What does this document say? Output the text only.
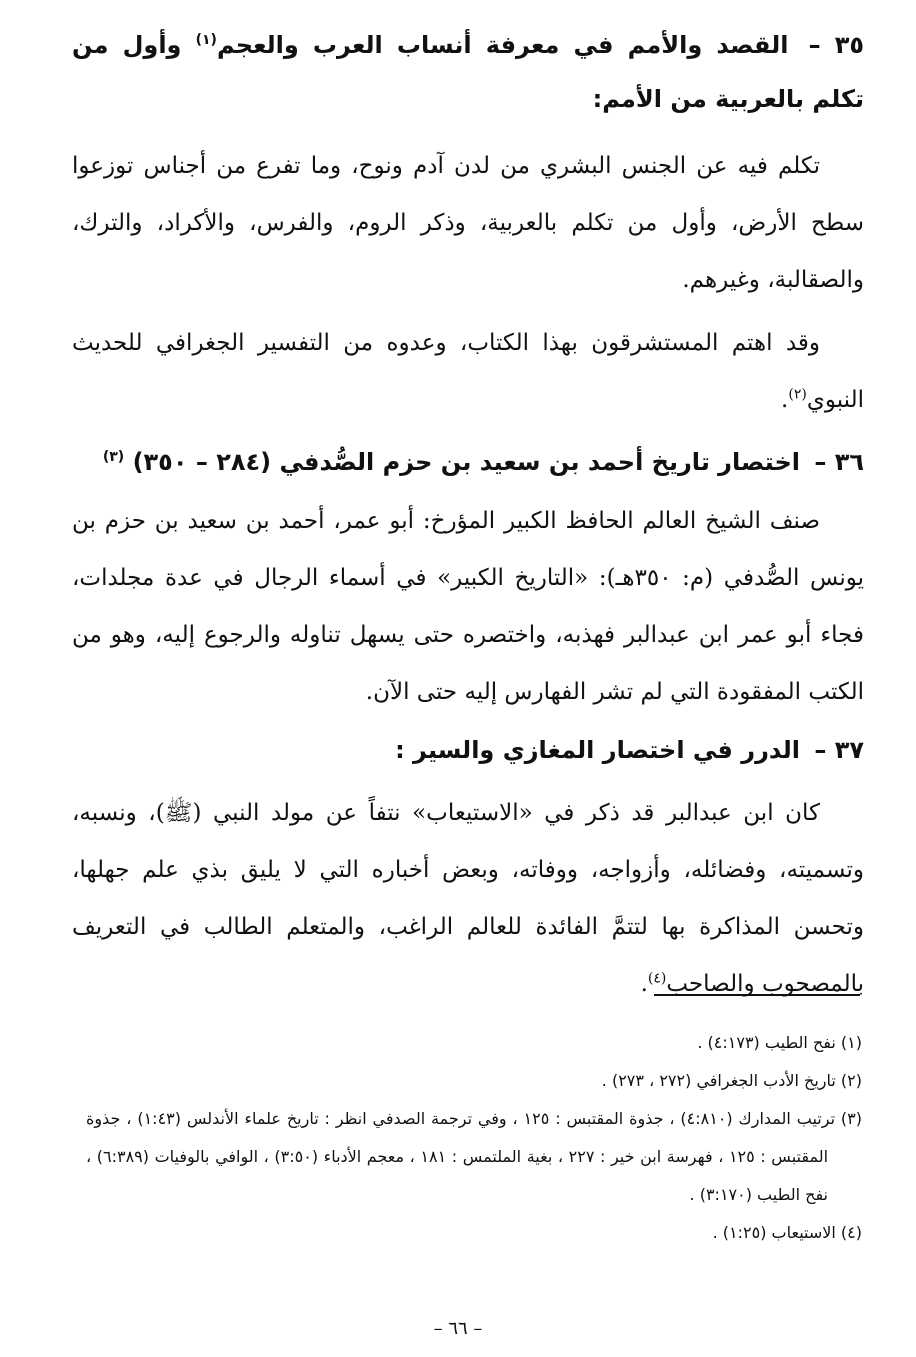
٣٥ – القصد والأمم في معرفة أنساب العرب والعجم$^{(١)}$ وأول من تكلم بالعربية من الأمم:

تكلم فيه عن الجنس البشري من لدن آدم ونوح، وما تفرع من أجناس توزعوا سطح الأرض، وأول من تكلم بالعربية، وذكر الروم، والفرس، والأكراد، والترك، والصقالبة، وغيرهم.

وقد اهتم المستشرقون بهذا الكتاب، وعدوه من التفسير الجغرافي للحديث النبوي$^{(٢)}$.

٣٦ – اختصار تاريخ أحمد بن سعيد بن حزم الصُّدفي (٢٨٤ – ٣٥٠) $^{(٣)}$

صنف الشيخ العالم الحافظ الكبير المؤرخ: أبو عمر، أحمد بن سعيد بن حزم بن يونس الصُّدفي (م: ٣٥٠هـ): «التاريخ الكبير» في أسماء الرجال في عدة مجلدات، فجاء أبو عمر ابن عبدالبر فهذبه، واختصره حتى يسهل تناوله والرجوع إليه، وهو من الكتب المفقودة التي لم تشر الفهارس إليه حتى الآن.

٣٧ – الدرر في اختصار المغازي والسير :

كان ابن عبدالبر قد ذكر في «الاستيعاب» نتفاً عن مولد النبي (ﷺ)، ونسبه، وتسميته، وفضائله، وأزواجه، ووفاته، وبعض أخباره التي لا يليق بذي علم جهلها، وتحسن المذاكرة بها لتتمَّ الفائدة للعالم الراغب، والمتعلم الطالب في التعريف بالمصحوب والصاحب$^{(٤)}$.

(١) نفح الطيب (٤:١٧٣) .

(٢) تاريخ الأدب الجغرافي (٢٧٢ ، ٢٧٣) .

(٣) ترتيب المدارك (٤:٨١٠) ، جذوة المقتبس : ١٢٥ ، وفي ترجمة الصدفي انظر : تاريخ علماء الأندلس (١:٤٣) ، جذوة المقتبس : ١٢٥ ، فهرسة ابن خير : ٢٢٧ ، بغية الملتمس : ١٨١ ، معجم الأدباء (٣:٥٠) ، الوافي بالوفيات (٦:٣٨٩) ، نفح الطيب (٣:١٧٠) .

(٤) الاستيعاب (١:٢٥) .

– ٦٦ –
